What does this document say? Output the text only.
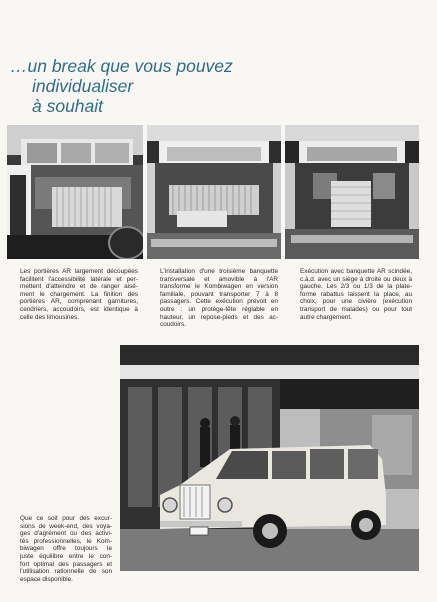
…un break que vous pouvez
individualiser
à souhait

Les portières AR largement découpées
facilitent l'accessibilité latérale et per-
mettent d'atteindre et de ranger aisé-
ment le chargement. La finition des
portières AR, comprenant garnitures,
cendriers, accoudoirs, est identique à
celle des limousines.

L'installation d'une troisième banquette
transversale et amovible à l'AR
transforme le Kombiwagen en version
familiale, pouvant transporter 7 à 8
passagers. Cette exécution prévoit en
outre : un protège-tête réglable en
hauteur, un repose-pieds et des ac-
coudoirs.

Exécution avec banquette AR scindée,
c.à.d. avec un siège à droite ou deux à
gauche. Les 2/3 ou 1/3 de la plate-
forme rabattus laissent la place, au
choix, pour une civière (exécution
transport de malades) ou pour tout
autre chargement.

Que ce soit pour des excur-
sions de week-end, des voya-
ges d'agrément ou des activi-
tés professionnelles, le Kom-
biwagen offre toujours le
juste équilibre entre le con-
fort optimal des passagers et
l'utilisation rationnelle de son
espace disponible.
